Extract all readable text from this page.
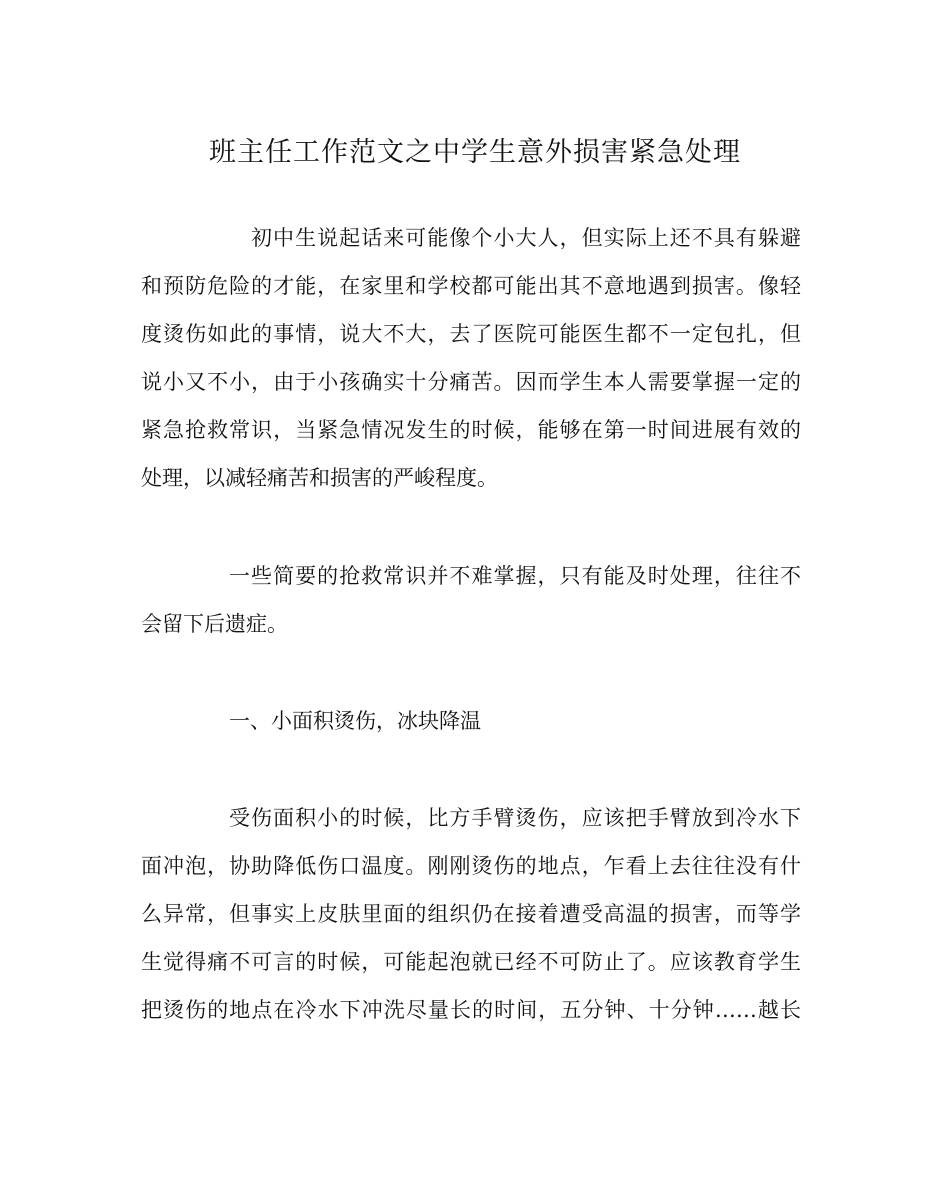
班主任工作范文之中学生意外损害紧急处理
初中生说起话来可能像个小大人，但实际上还不具有躲避
和预防危险的才能，在家里和学校都可能出其不意地遇到损害。像轻
度烫伤如此的事情，说大不大，去了医院可能医生都不一定包扎，但
说小又不小，由于小孩确实十分痛苦。因而学生本人需要掌握一定的
紧急抢救常识，当紧急情况发生的时候，能够在第一时间进展有效的
处理，以减轻痛苦和损害的严峻程度。
一些简要的抢救常识并不难掌握，只有能及时处理，往往不
会留下后遗症。
一、小面积烫伤，冰块降温
受伤面积小的时候，比方手臂烫伤，应该把手臂放到冷水下
面冲泡，协助降低伤口温度。刚刚烫伤的地点，乍看上去往往没有什
么异常，但事实上皮肤里面的组织仍在接着遭受高温的损害，而等学
生觉得痛不可言的时候，可能起泡就已经不可防止了。应该教育学生
把烫伤的地点在冷水下冲洗尽量长的时间，五分钟、十分钟……越长
